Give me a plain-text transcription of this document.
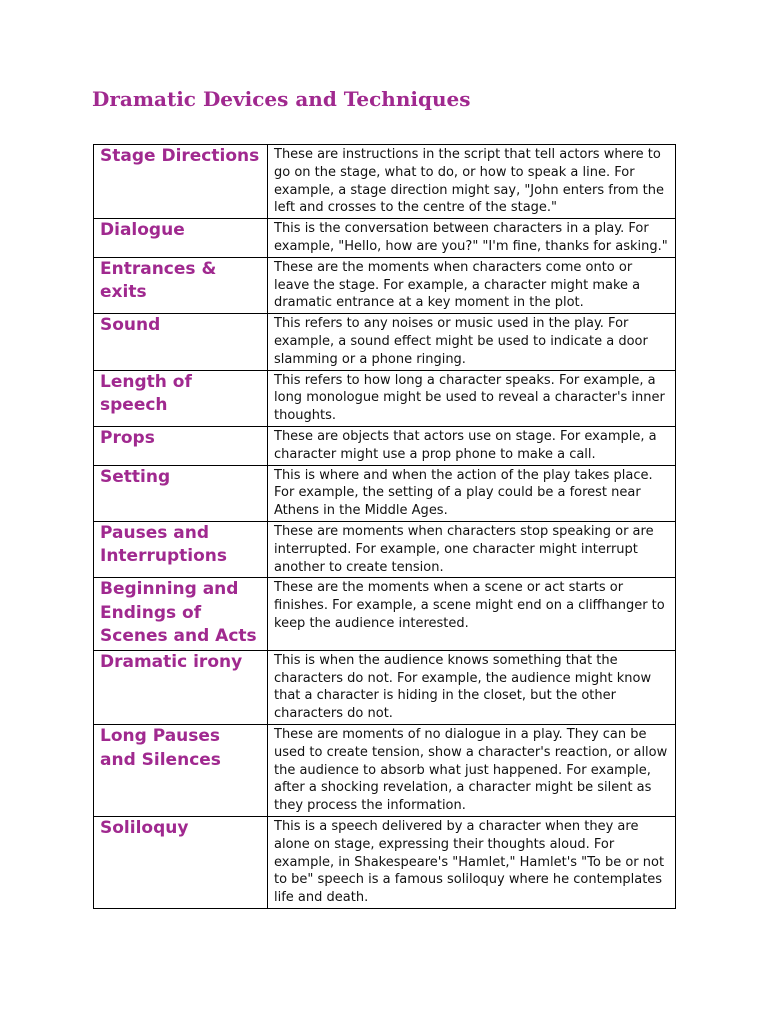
Dramatic Devices and Techniques
Stage Directions	These are instructions in the script that tell actors where to go on the stage, what to do, or how to speak a line. For example, a stage direction might say, "John enters from the left and crosses to the centre of the stage."
Dialogue	This is the conversation between characters in a play. For example, "Hello, how are you?" "I'm fine, thanks for asking."
Entrances & exits	These are the moments when characters come onto or leave the stage. For example, a character might make a dramatic entrance at a key moment in the plot.
Sound	This refers to any noises or music used in the play. For example, a sound effect might be used to indicate a door slamming or a phone ringing.
Length of speech	This refers to how long a character speaks. For example, a long monologue might be used to reveal a character's inner thoughts.
Props	These are objects that actors use on stage. For example, a character might use a prop phone to make a call.
Setting	This is where and when the action of the play takes place. For example, the setting of a play could be a forest near Athens in the Middle Ages.
Pauses and Interruptions	These are moments when characters stop speaking or are interrupted. For example, one character might interrupt another to create tension.
Beginning and Endings of Scenes and Acts	These are the moments when a scene or act starts or finishes. For example, a scene might end on a cliffhanger to keep the audience interested.
Dramatic irony	This is when the audience knows something that the characters do not. For example, the audience might know that a character is hiding in the closet, but the other characters do not.
Long Pauses and Silences	These are moments of no dialogue in a play. They can be used to create tension, show a character's reaction, or allow the audience to absorb what just happened. For example, after a shocking revelation, a character might be silent as they process the information.
Soliloquy	This is a speech delivered by a character when they are alone on stage, expressing their thoughts aloud. For example, in Shakespeare's "Hamlet," Hamlet's "To be or not to be" speech is a famous soliloquy where he contemplates life and death.
